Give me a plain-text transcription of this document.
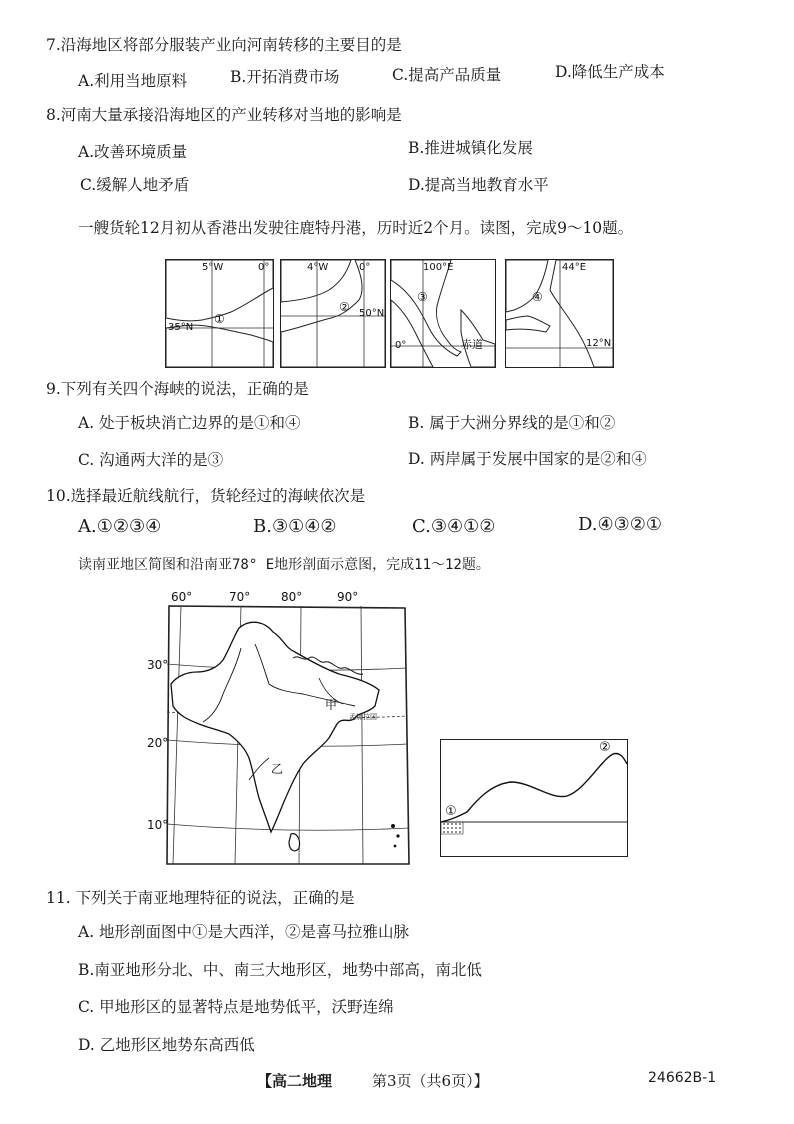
7.沿海地区将部分服装产业向河南转移的主要目的是
A.利用当地原料	B.开拓消费市场	C.提高产品质量	D.降低生产成本
8.河南大量承接沿海地区的产业转移对当地的影响是
A.改善环境质量	B.推进城镇化发展
C.缓解人地矛盾	D.提高当地教育水平
一艘货轮12月初从香港出发驶往鹿特丹港，历时近2个月。读图，完成9～10题。
5°W	0°
35°N
①
4°W	0°
50°N
②
100°E
0°
③
赤道
44°E
12°N
④
9.下列有关四个海峡的说法，正确的是
A. 处于板块消亡边界的是①和④	B. 属于大洲分界线的是①和②
C. 沟通两大洋的是③	D. 两岸属于发展中国家的是②和④
10.选择最近航线航行，货轮经过的海峡依次是
A.①②③④	B.③①④②	C.③④①②	D.④③②①
读南亚地区简图和沿南亚78° E地形剖面示意图，完成11～12题。
60°	70°	80°	90°
30°
20°
10°
甲
乙
孟加拉国
①
②
11. 下列关于南亚地理特征的说法，正确的是
A. 地形剖面图中①是大西洋，②是喜马拉雅山脉
B.南亚地形分北、中、南三大地形区，地势中部高，南北低
C. 甲地形区的显著特点是地势低平，沃野连绵
D. 乙地形区地势东高西低
【高二地理	第3页（共6页）】	24662B-1
